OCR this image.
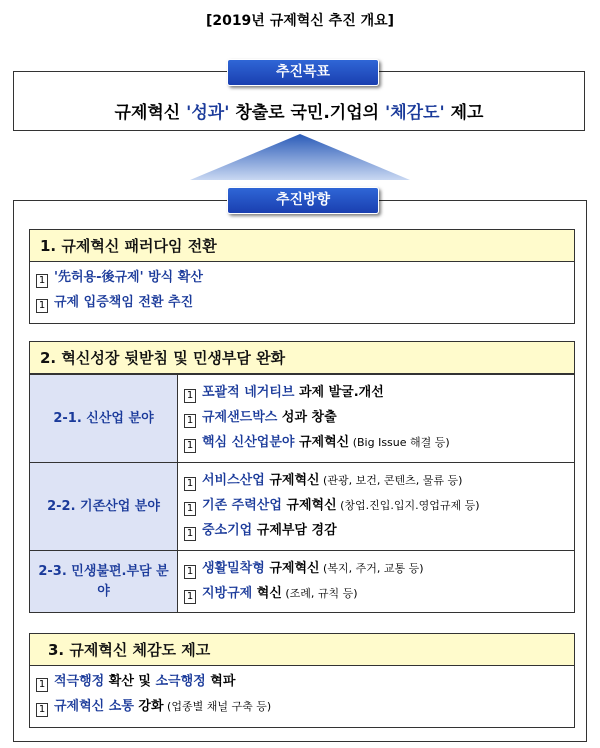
[2019년 규제혁신 추진 개요]
추진목표
규제혁신 '성과' 창출로 국민.기업의 '체감도' 제고
1. 규제혁신 패러다임 전환
1 '先허용-後규제' 방식 확산
1 규제 입증책임 전환 추진
2. 혁신성장 뒷받침 및 민생부담 완화
2-1. 신산업 분야
1 포괄적 네거티브 과제 발굴.개선
1 규제샌드박스 성과 창출
1 핵심 신산업분야 규제혁신 (Big Issue 해결 등)
2-2. 기존산업 분야
1 서비스산업 규제혁신 (관광, 보건, 콘텐츠, 물류 등)
1 기존 주력산업 규제혁신 (창업.진입.입지.영업규제 등)
1 중소기업 규제부담 경감
2-3. 민생불편.부담 분야
1 생활밀착형 규제혁신 (복지, 주거, 교통 등)
1 지방규제 혁신 (조례, 규칙 등)
3. 규제혁신 체감도 제고
1 적극행정 확산 및 소극행정 혁파
1 규제혁신 소통 강화 (업종별 채널 구축 등)
추진방향
